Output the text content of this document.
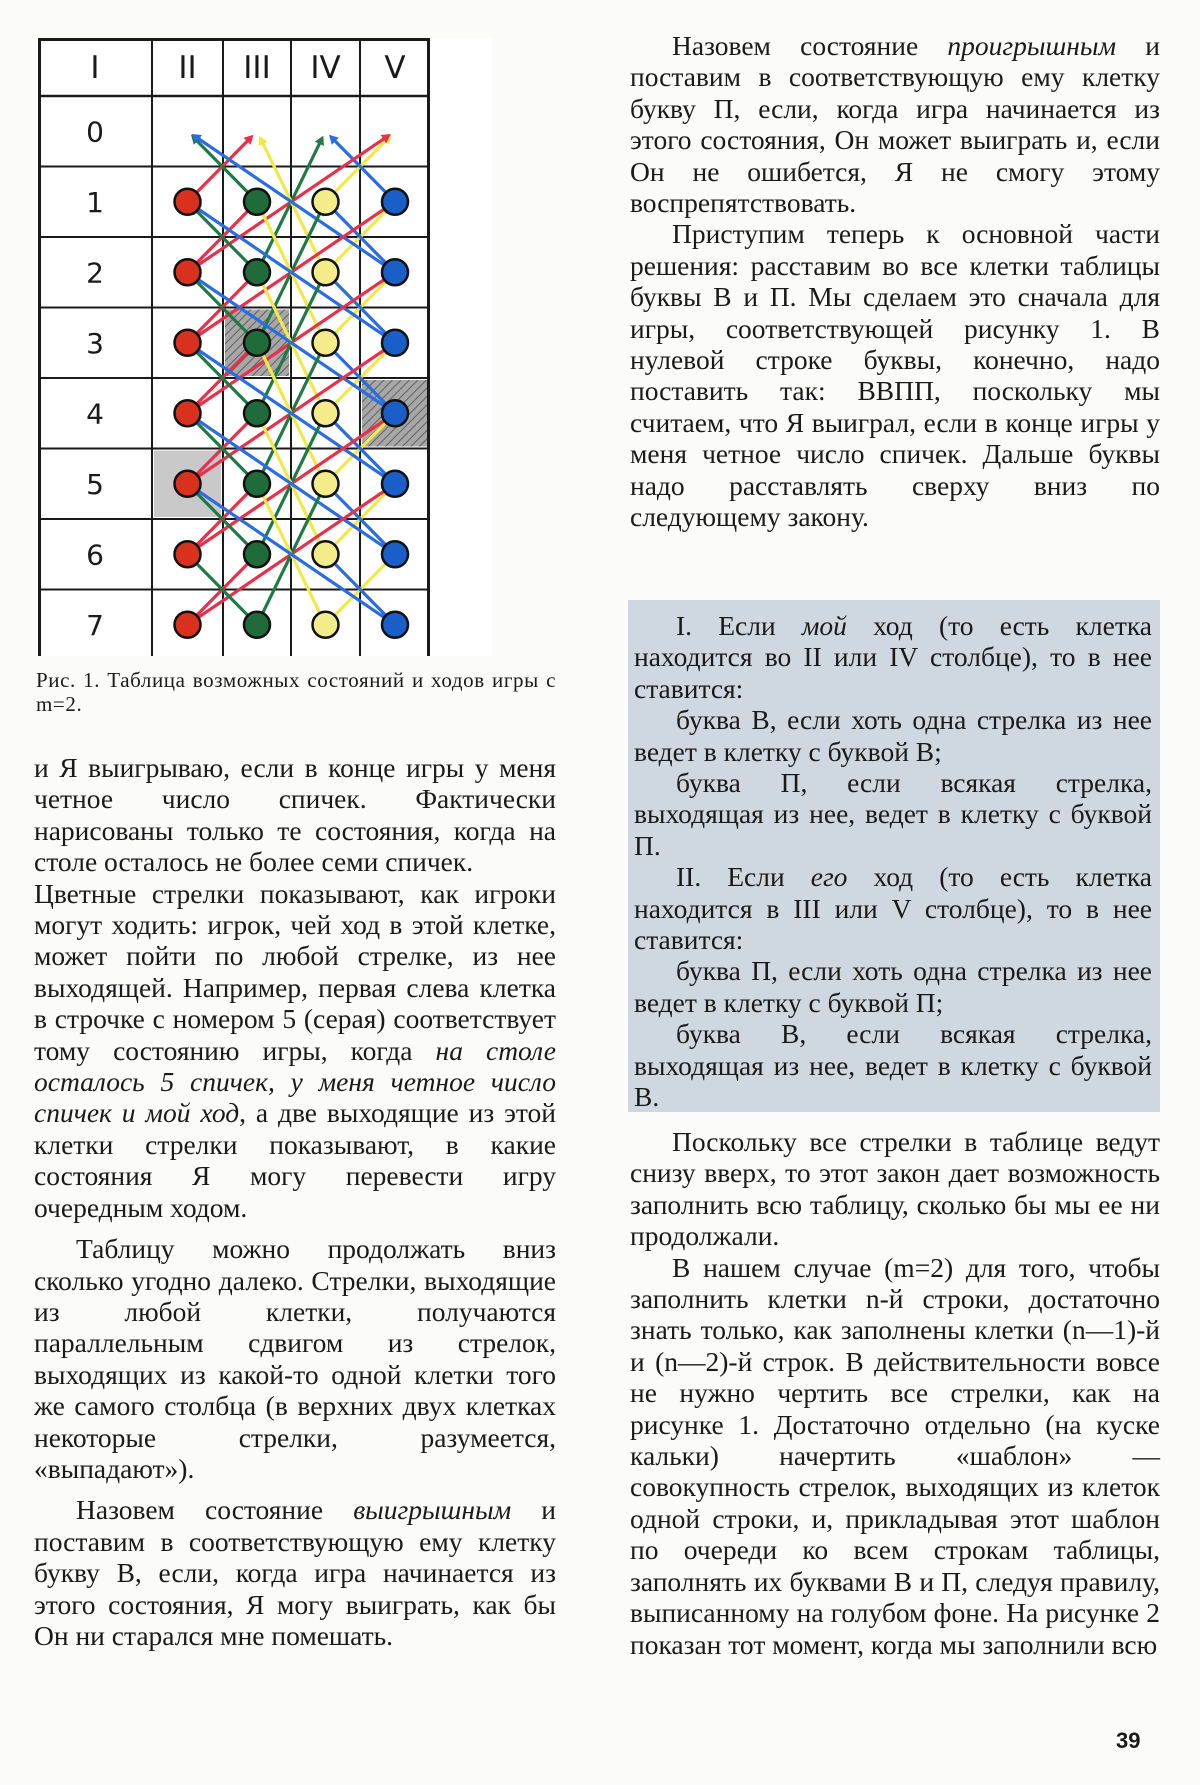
I	II III IV V
0
1
2
3
4
5
6
7
Рис. 1. Таблица возможных состояний и ходов игры с m=2.

и Я выигрываю, если в конце игры у меня четное число спичек. Фактически нарисованы только те состояния, когда на столе осталось не более семи спичек.

Цветные стрелки показывают, как игроки могут ходить: игрок, чей ход в этой клетке, может пойти по любой стрелке, из нее выходящей. Например, первая слева клетка в строчке с номером 5 (серая) соответствует тому состоянию игры, когда на столе осталось 5 спичек, у меня четное число спичек и мой ход, а две выходящие из этой клетки стрелки показывают, в какие состояния Я могу перевести игру очередным ходом.

Таблицу можно продолжать вниз сколько угодно далеко. Стрелки, выходящие из любой клетки, получаются параллельным сдвигом из стрелок, выходящих из какой-то одной клетки того же самого столбца (в верхних двух клетках некоторые стрелки, разумеется, «выпадают»).

Назовем состояние выигрышным и поставим в соответствующую ему клетку букву В, если, когда игра начинается из этого состояния, Я могу выиграть, как бы Он ни старался мне помешать.

Назовем состояние проигрышным и поставим в соответствующую ему клетку букву П, если, когда игра начинается из этого состояния, Он может выиграть и, если Он не ошибется, Я не смогу этому воспрепятствовать.

Приступим теперь к основной части решения: расставим во все клетки таблицы буквы В и П. Мы сделаем это сначала для игры, соответствующей рисунку 1. В нулевой строке буквы, конечно, надо поставить так: ВВПП, поскольку мы считаем, что Я выиграл, если в конце игры у меня четное число спичек. Дальше буквы надо расставлять сверху вниз по следующему закону.

I. Если мой ход (то есть клетка находится во II или IV столбце), то в нее ставится:

буква В, если хоть одна стрелка из нее ведет в клетку с буквой В;

буква П, если всякая стрелка, выходящая из нее, ведет в клетку с буквой П.

II. Если его ход (то есть клетка находится в III или V столбце), то в нее ставится:

буква П, если хоть одна стрелка из нее ведет в клетку с буквой П;

буква В, если всякая стрелка, выходящая из нее, ведет в клетку с буквой В.

Поскольку все стрелки в таблице ведут снизу вверх, то этот закон дает возможность заполнить всю таблицу, сколько бы мы ее ни продолжали.

В нашем случае (m=2) для того, чтобы заполнить клетки n-й строки, достаточно знать только, как заполнены клетки (n—1)-й и (n—2)-й строк. В действительности вовсе не нужно чертить все стрелки, как на рисунке 1. Достаточно отдельно (на куске кальки) начертить «шаблон» — совокупность стрелок, выходящих из клеток одной строки, и, прикладывая этот шаблон по очереди ко всем строкам таблицы, заполнять их буквами В и П, следуя правилу, выписанному на голубом фоне. На рисунке 2 показан тот момент, когда мы заполнили всю

39
